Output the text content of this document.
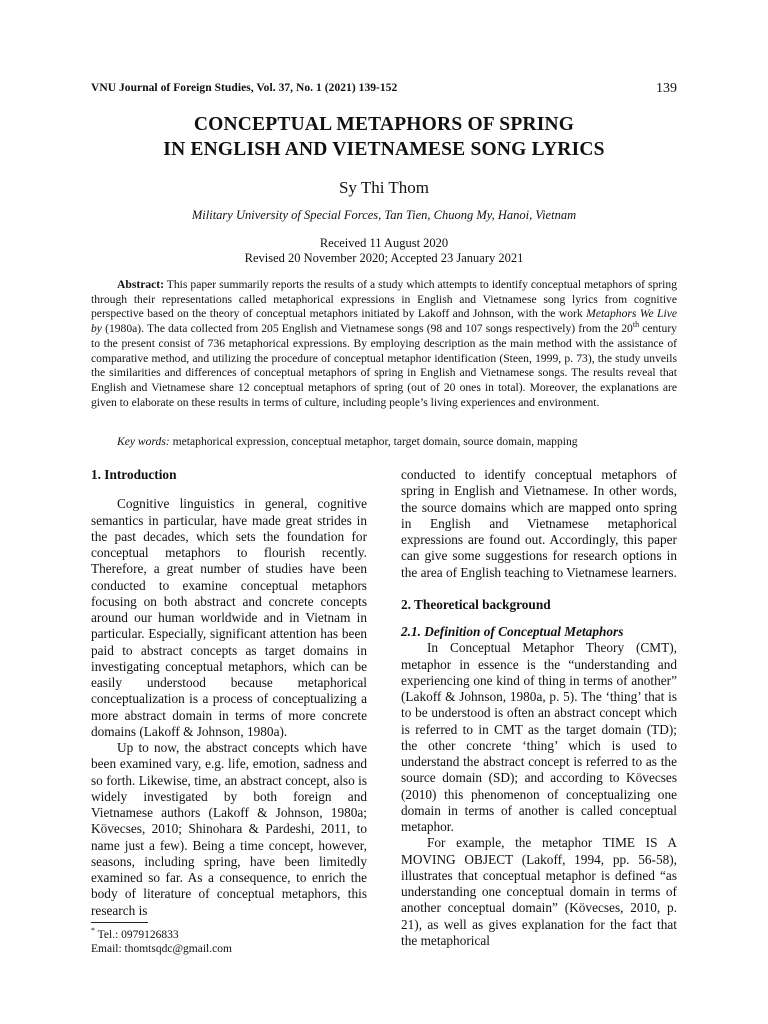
VNU Journal of Foreign Studies, Vol. 37, No. 1 (2021) 139-152	139
CONCEPTUAL METAPHORS OF SPRING
IN ENGLISH AND VIETNAMESE SONG LYRICS
Sy Thi Thom
Military University of Special Forces, Tan Tien, Chuong My, Hanoi, Vietnam
Received 11 August 2020
Revised 20 November 2020; Accepted 23 January 2021

Abstract: This paper summarily reports the results of a study which attempts to identify conceptual metaphors of spring through their representations called metaphorical expressions in English and Vietnamese song lyrics from cognitive perspective based on the theory of conceptual metaphors initiated by Lakoff and Johnson, with the work Metaphors We Live by (1980a). The data collected from 205 English and Vietnamese songs (98 and 107 songs respectively) from the 20th century to the present consist of 736 metaphorical expressions. By employing description as the main method with the assistance of comparative method, and utilizing the procedure of conceptual metaphor identification (Steen, 1999, p. 73), the study unveils the similarities and differences of conceptual metaphors of spring in English and Vietnamese songs. The results reveal that English and Vietnamese share 12 conceptual metaphors of spring (out of 20 ones in total). Moreover, the explanations are given to elaborate on these results in terms of culture, including people’s living experiences and environment.

Key words: metaphorical expression, conceptual metaphor, target domain, source domain, mapping

1. Introduction

Cognitive linguistics in general, cognitive semantics in particular, have made great strides in the past decades, which sets the foundation for conceptual metaphors to flourish recently. Therefore, a great number of studies have been conducted to examine conceptual metaphors focusing on both abstract and concrete concepts around our human worldwide and in Vietnam in particular. Especially, significant attention has been paid to abstract concepts as target domains in investigating conceptual metaphors, which can be easily understood because metaphorical conceptualization is a process of conceptualizing a more abstract domain in terms of more concrete domains (Lakoff & Johnson, 1980a).

Up to now, the abstract concepts which have been examined vary, e.g. life, emotion, sadness and so forth. Likewise, time, an abstract concept, also is widely investigated by both foreign and Vietnamese authors (Lakoff & Johnson, 1980a; Kövecses, 2010; Shinohara & Pardeshi, 2011, to name just a few). Being a time concept, however, seasons, including spring, have been limitedly examined so far. As a consequence, to enrich the body of literature of conceptual metaphors, this research is

conducted to identify conceptual metaphors of spring in English and Vietnamese. In other words, the source domains which are mapped onto spring in English and Vietnamese metaphorical expressions are found out. Accordingly, this paper can give some suggestions for research options in the area of English teaching to Vietnamese learners.

2. Theoretical background

2.1. Definition of Conceptual Metaphors

In Conceptual Metaphor Theory (CMT), metaphor in essence is the “understanding and experiencing one kind of thing in terms of another” (Lakoff & Johnson, 1980a, p. 5). The ‘thing’ that is to be understood is often an abstract concept which is referred to in CMT as the target domain (TD); the other concrete ‘thing’ which is used to understand the abstract concept is referred to as the source domain (SD); and according to Kövecses (2010) this phenomenon of conceptualizing one domain in terms of another is called conceptual metaphor.

For example, the metaphor TIME IS A MOVING OBJECT (Lakoff, 1994, pp. 56-58), illustrates that conceptual metaphor is defined “as understanding one conceptual domain in terms of another conceptual domain” (Kövecses, 2010, p. 21), as well as gives explanation for the fact that the metaphorical

* Tel.: 0979126833
Email: thomtsqdc@gmail.com
